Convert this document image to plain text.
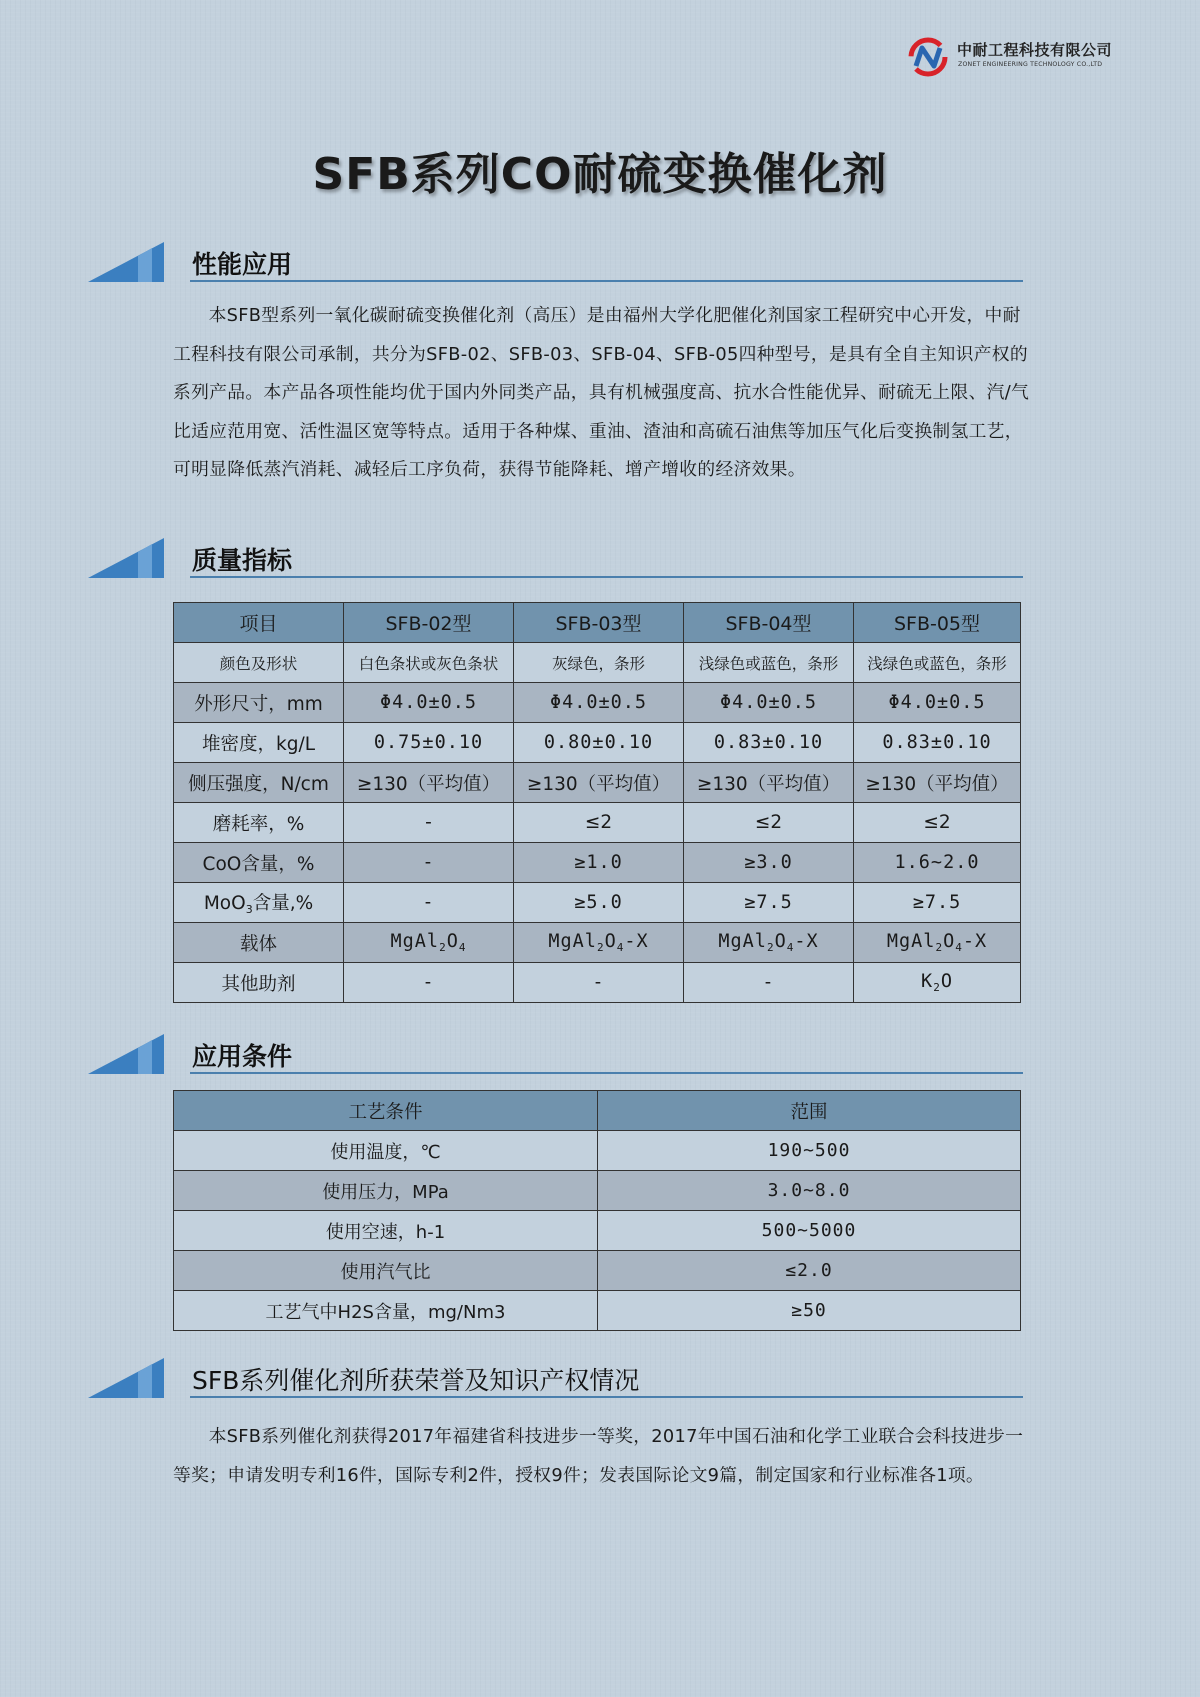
中耐工程科技有限公司
ZONET ENGINEERING TECHNOLOGY CO.,LTD
SFB系列CO耐硫变换催化剂
性能应用

本SFB型系列一氧化碳耐硫变换催化剂（高压）是由福州大学化肥催化剂国家工程研究中心开发，中耐工程科技有限公司承制，共分为SFB-02、SFB-03、SFB-04、SFB-05四种型号，是具有全自主知识产权的系列产品。本产品各项性能均优于国内外同类产品，具有机械强度高、抗水合性能优异、耐硫无上限、汽/气比适应范用宽、活性温区宽等特点。适用于各种煤、重油、渣油和高硫石油焦等加压气化后变换制氢工艺，可明显降低蒸汽消耗、减轻后工序负荷，获得节能降耗、增产增收的经济效果。

质量指标
项目	SFB-02型	SFB-03型	SFB-04型	SFB-05型
颜色及形状	白色条状或灰色条状	灰绿色，条形	浅绿色或蓝色，条形	浅绿色或蓝色，条形
外形尺寸，mm	Φ4.0±0.5	Φ4.0±0.5	Φ4.0±0.5	Φ4.0±0.5
堆密度，kg/L	0.75±0.10	0.80±0.10	0.83±0.10	0.83±0.10
侧压强度，N/cm	≥130（平均值）	≥130（平均值）	≥130（平均值）	≥130（平均值）
磨耗率，%	-	≤2	≤2	≤2
CoO含量，%	-	≥1.0	≥3.0	1.6~2.0
MoO$_3$含量,%	-	≥5.0	≥7.5	≥7.5
载体	$MgAl_2O_4$	$MgAl_2O_4-X$	$MgAl_2O_4-X$	$MgAl_2O_4-X$
其他助剂	-	-	-	$K_2O$
应用条件
工艺条件	范围
使用温度，℃	190~500
使用压力，MPa	3.0~8.0
使用空速，h-1	500~5000
使用汽气比	≤2.0
工艺气中H2S含量，mg/Nm3	≥50
SFB系列催化剂所获荣誉及知识产权情况

本SFB系列催化剂获得2017年福建省科技进步一等奖，2017年中国石油和化学工业联合会科技进步一等奖；申请发明专利16件，国际专利2件，授权9件；发表国际论文9篇，制定国家和行业标准各1项。
